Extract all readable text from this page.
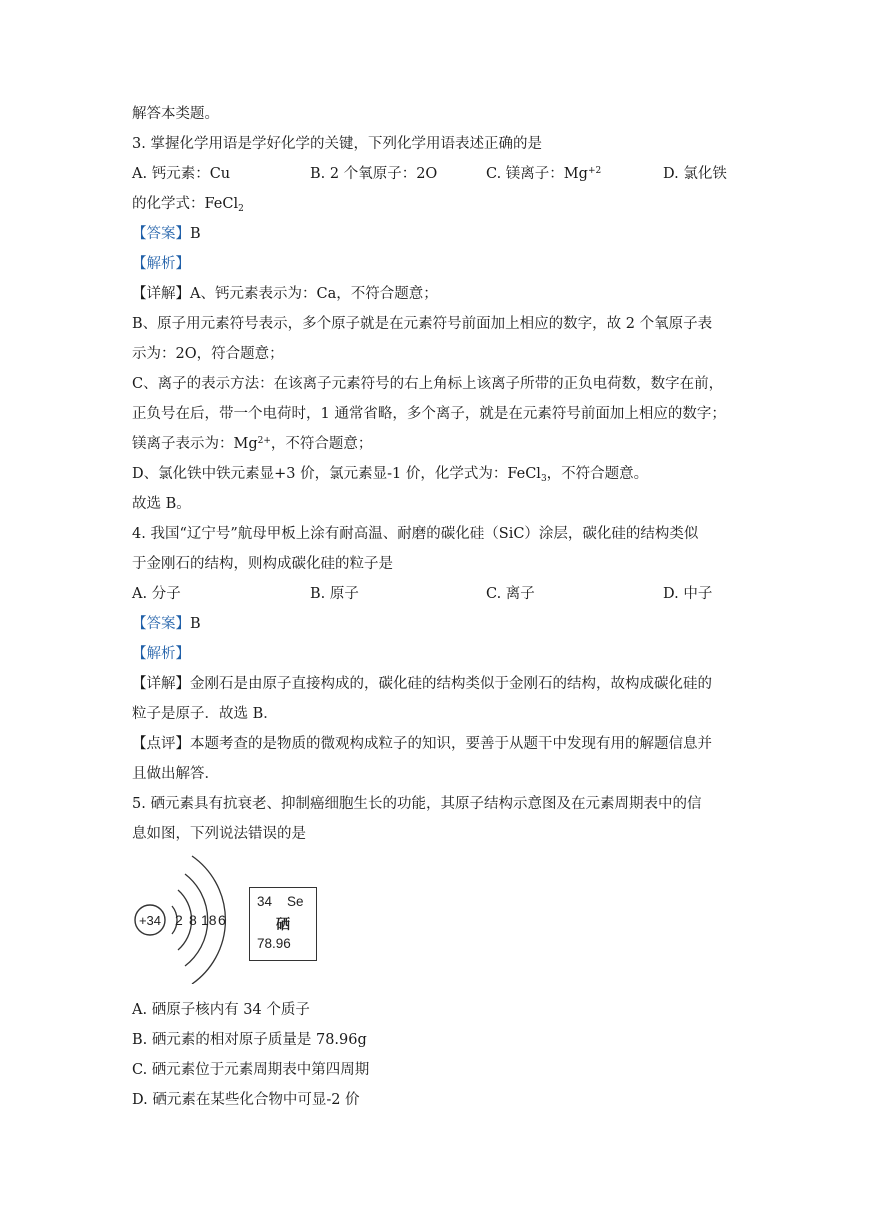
解答本类题。
3. 掌握化学用语是学好化学的关键，下列化学用语表述正确的是
A. 钙元素：Cu	B. 2 个氧原子：2O	C. 镁离子：$Mg^{+2}$	D. 氯化铁
的化学式：FeCl$_2$
【答案】B
【解析】
【详解】A、钙元素表示为：Ca，不符合题意；
B、原子用元素符号表示，多个原子就是在元素符号前面加上相应的数字，故 2 个氧原子表
示为：2O，符合题意；
C、离子的表示方法：在该离子元素符号的右上角标上该离子所带的正负电荷数，数字在前，
正负号在后，带一个电荷时，1 通常省略，多个离子，就是在元素符号前面加上相应的数字；
镁离子表示为：$Mg^{2+}$，不符合题意；
D、氯化铁中铁元素显+3 价，氯元素显-1 价，化学式为：FeCl$_3$，不符合题意。
故选 B。
4. 我国“辽宁号”航母甲板上涂有耐高温、耐磨的碳化硅（SiC）涂层，碳化硅的结构类似
于金刚石的结构，则构成碳化硅的粒子是
A. 分子	B. 原子	C. 离子	D. 中子
【答案】B
【解析】
【详解】金刚石是由原子直接构成的，碳化硅的结构类似于金刚石的结构，故构成碳化硅的
粒子是原子．故选 B．
【点评】本题考查的是物质的微观构成粒子的知识，要善于从题干中发现有用的解题信息并
且做出解答．
5. 硒元素具有抗衰老、抑制癌细胞生长的功能，其原子结构示意图及在元素周期表中的信
息如图，下列说法错误的是
+34 2 8 18 6
34 Se
硒
78.96
A. 硒原子核内有 34 个质子
B. 硒元素的相对原子质量是 78.96g
C. 硒元素位于元素周期表中第四周期
D. 硒元素在某些化合物中可显-2 价
